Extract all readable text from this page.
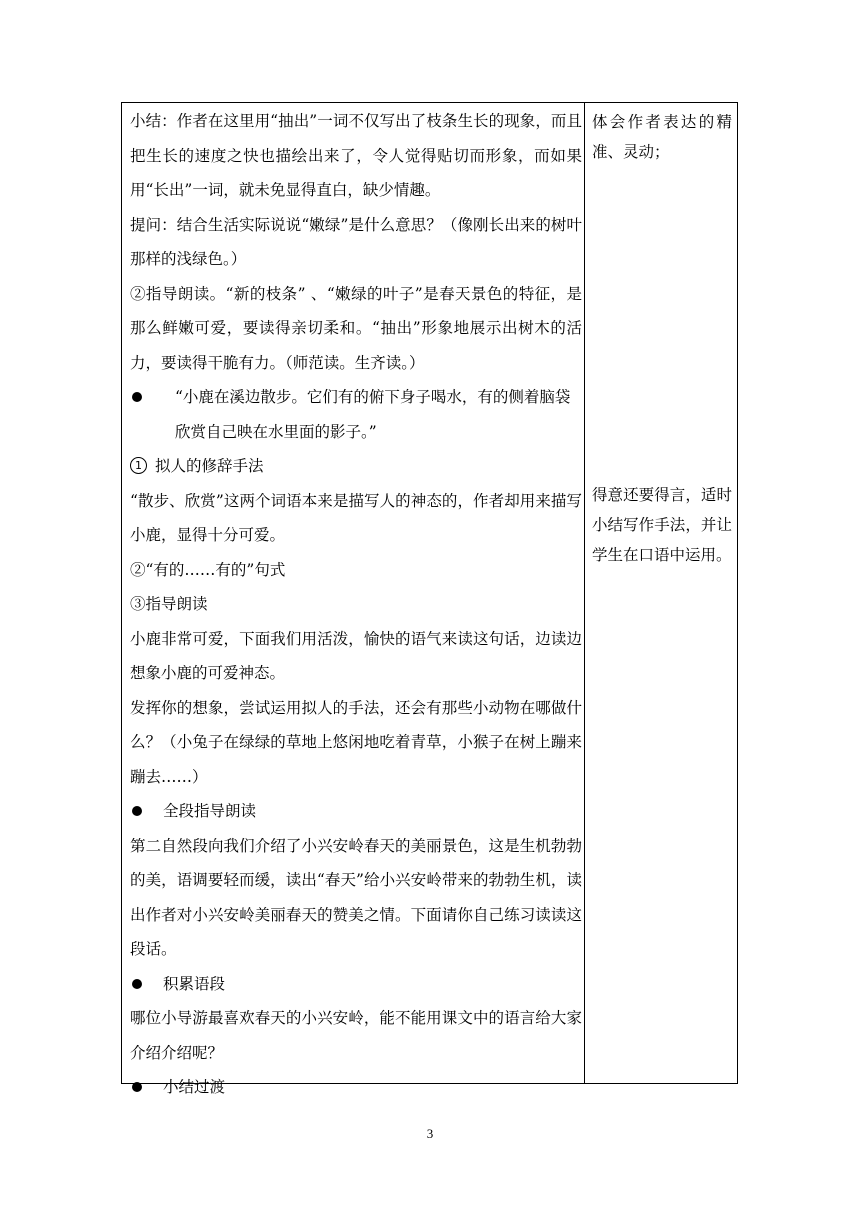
小结：作者在这里用“抽出”一词不仅写出了枝条生长的现象，而且把生长的速度之快也描绘出来了，令人觉得贴切而形象，而如果用“长出”一词，就未免显得直白，缺少情趣。

提问：结合生活实际说说“嫩绿”是什么意思？（像刚长出来的树叶那样的浅绿色。）

②指导朗读。“新的枝条” 、“嫩绿的叶子”是春天景色的特征，是那么鲜嫩可爱，要读得亲切柔和。“抽出”形象地展示出树木的活力，要读得干脆有力。（师范读。生齐读。）

“小鹿在溪边散步。它们有的俯下身子喝水，有的侧着脑袋欣赏自己映在水里面的影子。”

1 拟人的修辞手法

“散步、欣赏”这两个词语本来是描写人的神态的，作者却用来描写小鹿，显得十分可爱。

②“有的……有的”句式

③指导朗读

小鹿非常可爱，下面我们用活泼，愉快的语气来读这句话，边读边想象小鹿的可爱神态。

发挥你的想象，尝试运用拟人的手法，还会有那些小动物在哪做什么？（小兔子在绿绿的草地上悠闲地吃着青草，小猴子在树上蹦来蹦去……）

全段指导朗读

第二自然段向我们介绍了小兴安岭春天的美丽景色，这是生机勃勃的美，语调要轻而缓，读出“春天”给小兴安岭带来的勃勃生机，读出作者对小兴安岭美丽春天的赞美之情。下面请你自己练习读读这段话。

积累语段

哪位小导游最喜欢春天的小兴安岭，能不能用课文中的语言给大家介绍介绍呢？

小结过渡
体会作者表达的精准、灵动；
得意还要得言，适时小结写作手法，并让学生在口语中运用。
3
